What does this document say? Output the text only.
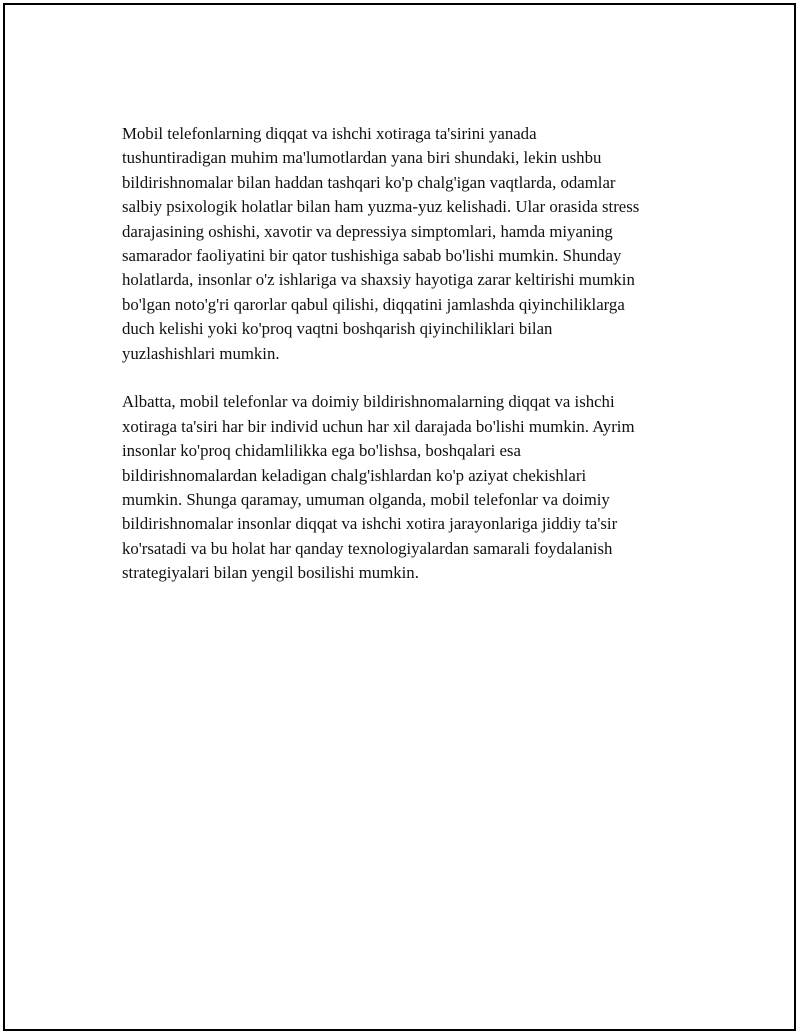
Mobil telefonlarning diqqat va ishchi xotiraga ta'sirini yanada
tushuntiradigan muhim ma'lumotlardan yana biri shundaki, lekin ushbu
bildirishnomalar bilan haddan tashqari ko'p chalg'igan vaqtlarda, odamlar
salbiy psixologik holatlar bilan ham yuzma-yuz kelishadi. Ular orasida stress
darajasining oshishi, xavotir va depressiya simptomlari, hamda miyaning
samarador faoliyatini bir qator tushishiga sabab bo'lishi mumkin. Shunday
holatlarda, insonlar o'z ishlariga va shaxsiy hayotiga zarar keltirishi mumkin
bo'lgan noto'g'ri qarorlar qabul qilishi, diqqatini jamlashda qiyinchiliklarga
duch kelishi yoki ko'proq vaqtni boshqarish qiyinchiliklari bilan
yuzlashishlari mumkin.

Albatta, mobil telefonlar va doimiy bildirishnomalarning diqqat va ishchi
xotiraga ta'siri har bir individ uchun har xil darajada bo'lishi mumkin. Ayrim
insonlar ko'proq chidamlilikka ega bo'lishsa, boshqalari esa
bildirishnomalardan keladigan chalg'ishlardan ko'p aziyat chekishlari
mumkin. Shunga qaramay, umuman olganda, mobil telefonlar va doimiy
bildirishnomalar insonlar diqqat va ishchi xotira jarayonlariga jiddiy ta'sir
ko'rsatadi va bu holat har qanday texnologiyalardan samarali foydalanish
strategiyalari bilan yengil bosilishi mumkin.
